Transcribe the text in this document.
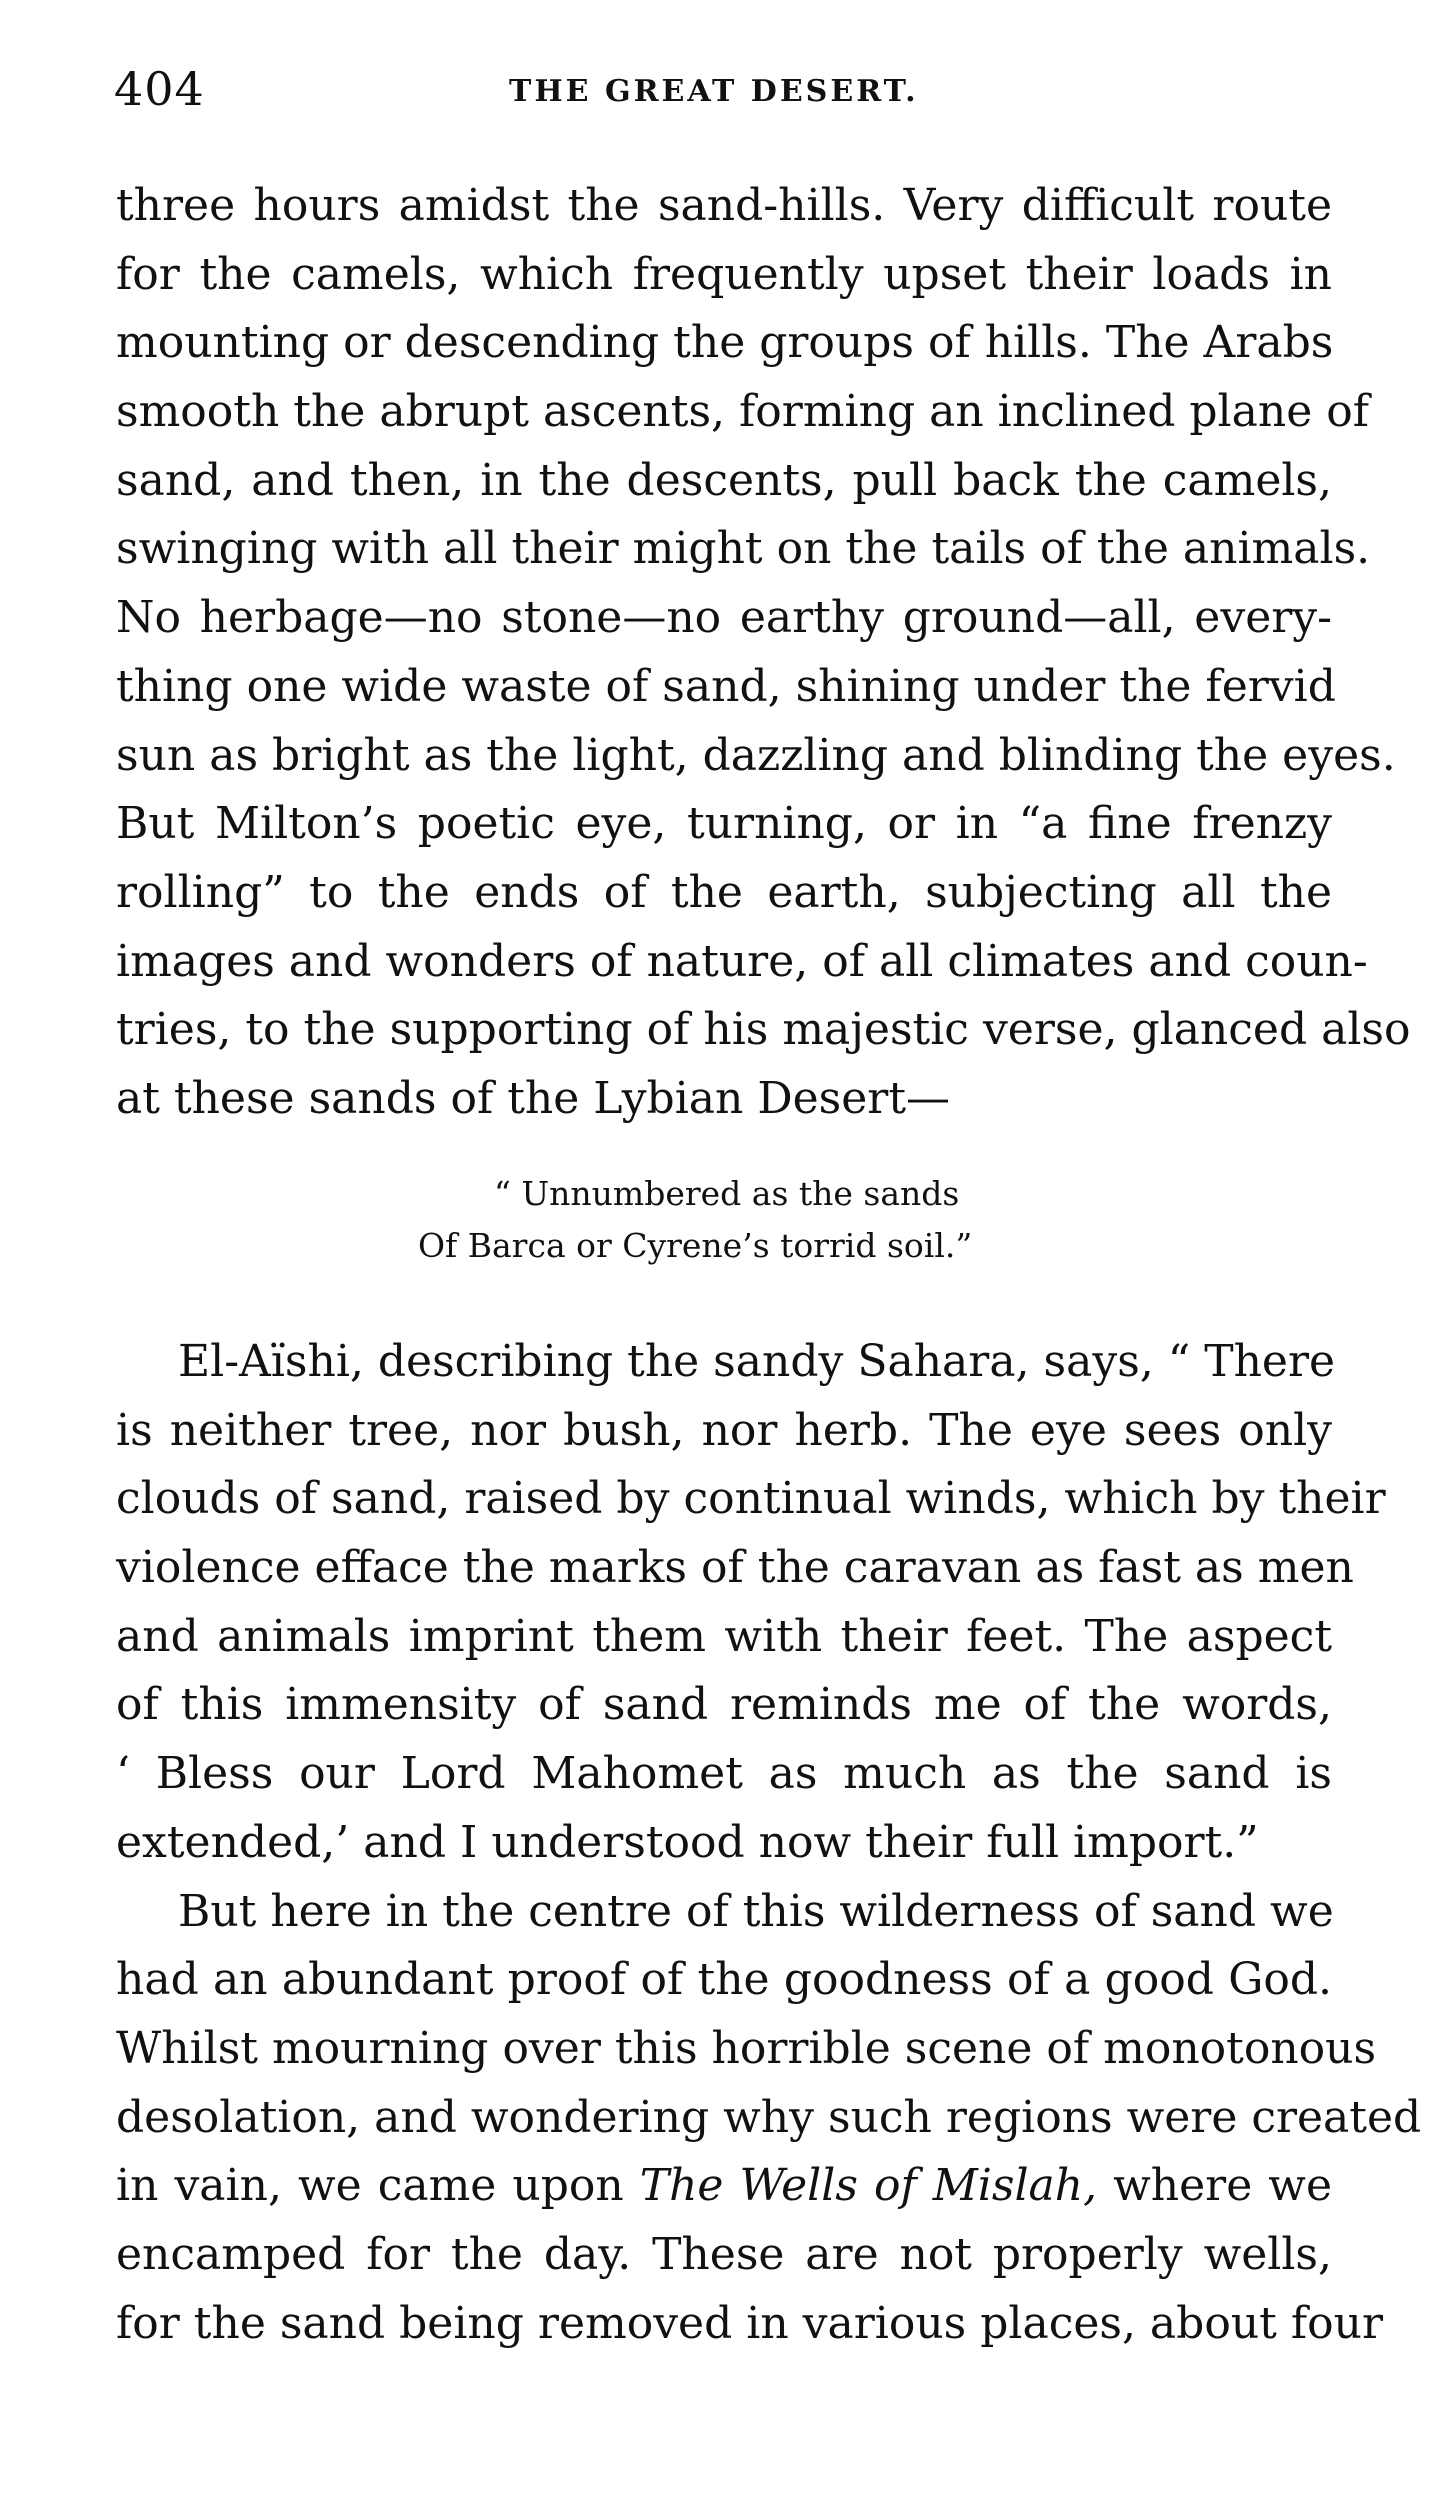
404	THE GREAT DESERT.
three hours amidst the sand-hills. Very difficult route
for the camels, which frequently upset their loads in
mounting or descending the groups of hills. The Arabs
smooth the abrupt ascents, forming an inclined plane of
sand, and then, in the descents, pull back the camels,
swinging with all their might on the tails of the animals.
No herbage—no stone—no earthy ground—all, every-
thing one wide waste of sand, shining under the fervid
sun as bright as the light, dazzling and blinding the eyes.
But Milton’s poetic eye, turning, or in “a fine frenzy
rolling” to the ends of the earth, subjecting all the
images and wonders of nature, of all climates and coun-
tries, to the supporting of his majestic verse, glanced also
at these sands of the Lybian Desert—
“ Unnumbered as the sands
Of Barca or Cyrene’s torrid soil.”
El-Aïshi, describing the sandy Sahara, says, “ There
is neither tree, nor bush, nor herb. The eye sees only
clouds of sand, raised by continual winds, which by their
violence efface the marks of the caravan as fast as men
and animals imprint them with their feet. The aspect
of this immensity of sand reminds me of the words,
‘ Bless our Lord Mahomet as much as the sand is
extended,’ and I understood now their full import.”
But here in the centre of this wilderness of sand we
had an abundant proof of the goodness of a good God.
Whilst mourning over this horrible scene of monotonous
desolation, and wondering why such regions were created
in vain, we came upon The Wells of Mislah, where we
encamped for the day. These are not properly wells,
for the sand being removed in various places, about four
